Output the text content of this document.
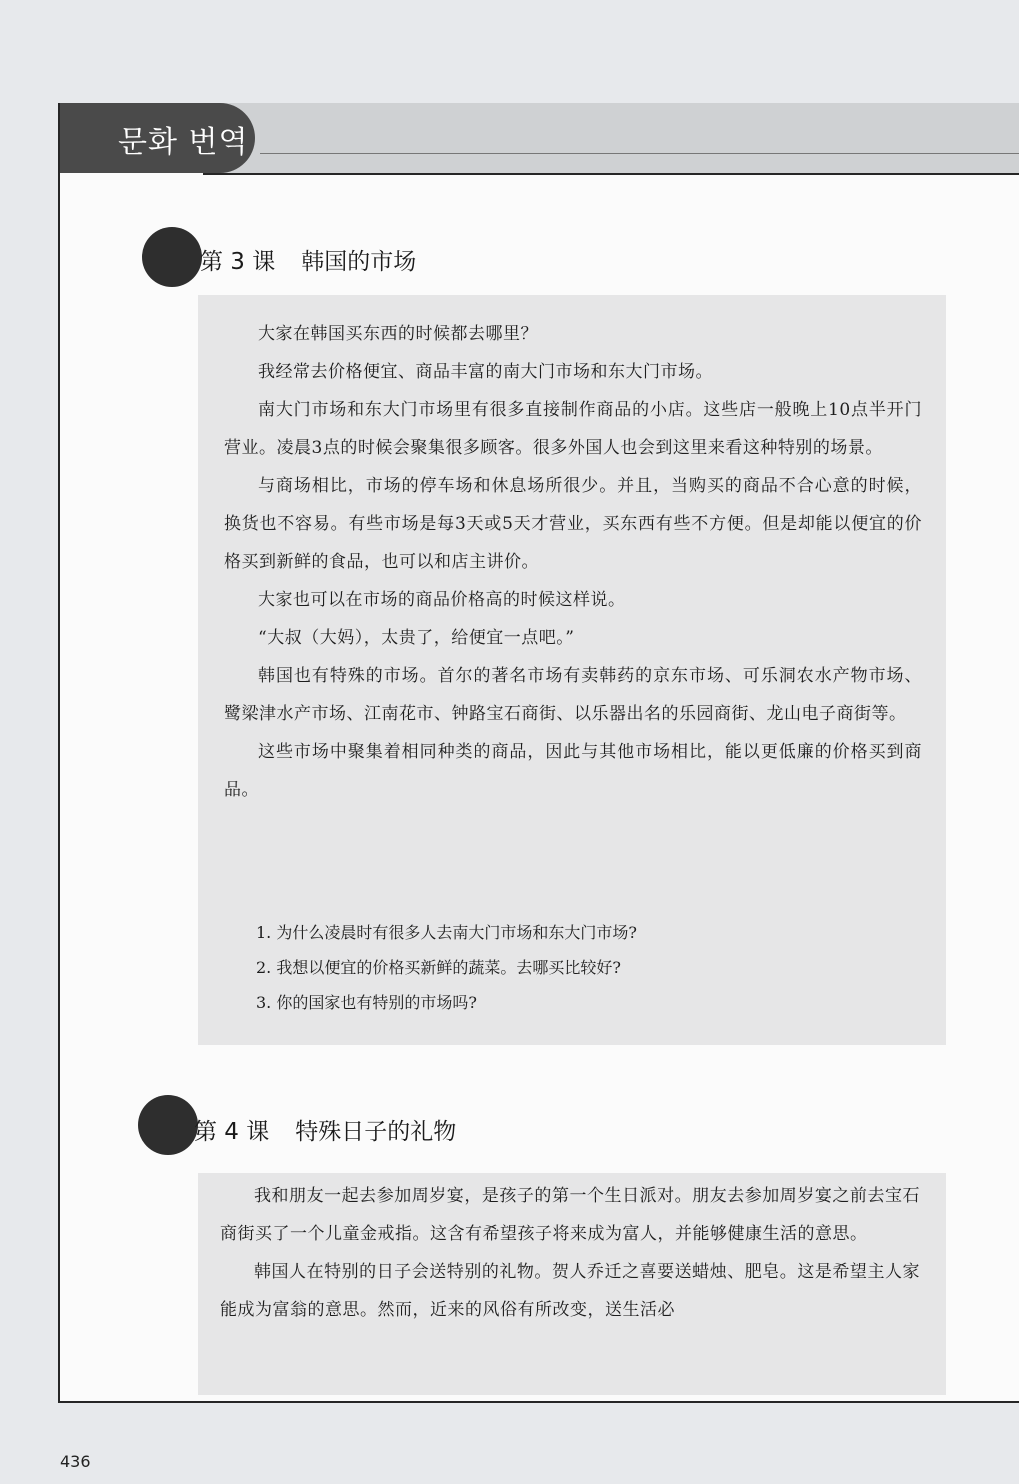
문화 번역
第 3 课 韩国的市场

大家在韩国买东西的时候都去哪里？

我经常去价格便宜、商品丰富的南大门市场和东大门市场。

南大门市场和东大门市场里有很多直接制作商品的小店。这些店一般晚上10点半开门营业。凌晨3点的时候会聚集很多顾客。很多外国人也会到这里来看这种特别的场景。

与商场相比，市场的停车场和休息场所很少。并且，当购买的商品不合心意的时候，换货也不容易。有些市场是每3天或5天才营业，买东西有些不方便。但是却能以便宜的价格买到新鲜的食品，也可以和店主讲价。

大家也可以在市场的商品价格高的时候这样说。

“大叔（大妈），太贵了，给便宜一点吧。”

韩国也有特殊的市场。首尔的著名市场有卖韩药的京东市场、可乐洞农水产物市场、鹭梁津水产市场、江南花市、钟路宝石商街、以乐器出名的乐园商街、龙山电子商街等。

这些市场中聚集着相同种类的商品，因此与其他市场相比，能以更低廉的价格买到商品。

1. 为什么凌晨时有很多人去南大门市场和东大门市场?
2. 我想以便宜的价格买新鲜的蔬菜。去哪买比较好?
3. 你的国家也有特别的市场吗?
第 4 课 特殊日子的礼物

我和朋友一起去参加周岁宴，是孩子的第一个生日派对。朋友去参加周岁宴之前去宝石商街买了一个儿童金戒指。这含有希望孩子将来成为富人，并能够健康生活的意思。

韩国人在特别的日子会送特别的礼物。贺人乔迁之喜要送蜡烛、肥皂。这是希望主人家能成为富翁的意思。然而，近来的风俗有所改变，送生活必

436
